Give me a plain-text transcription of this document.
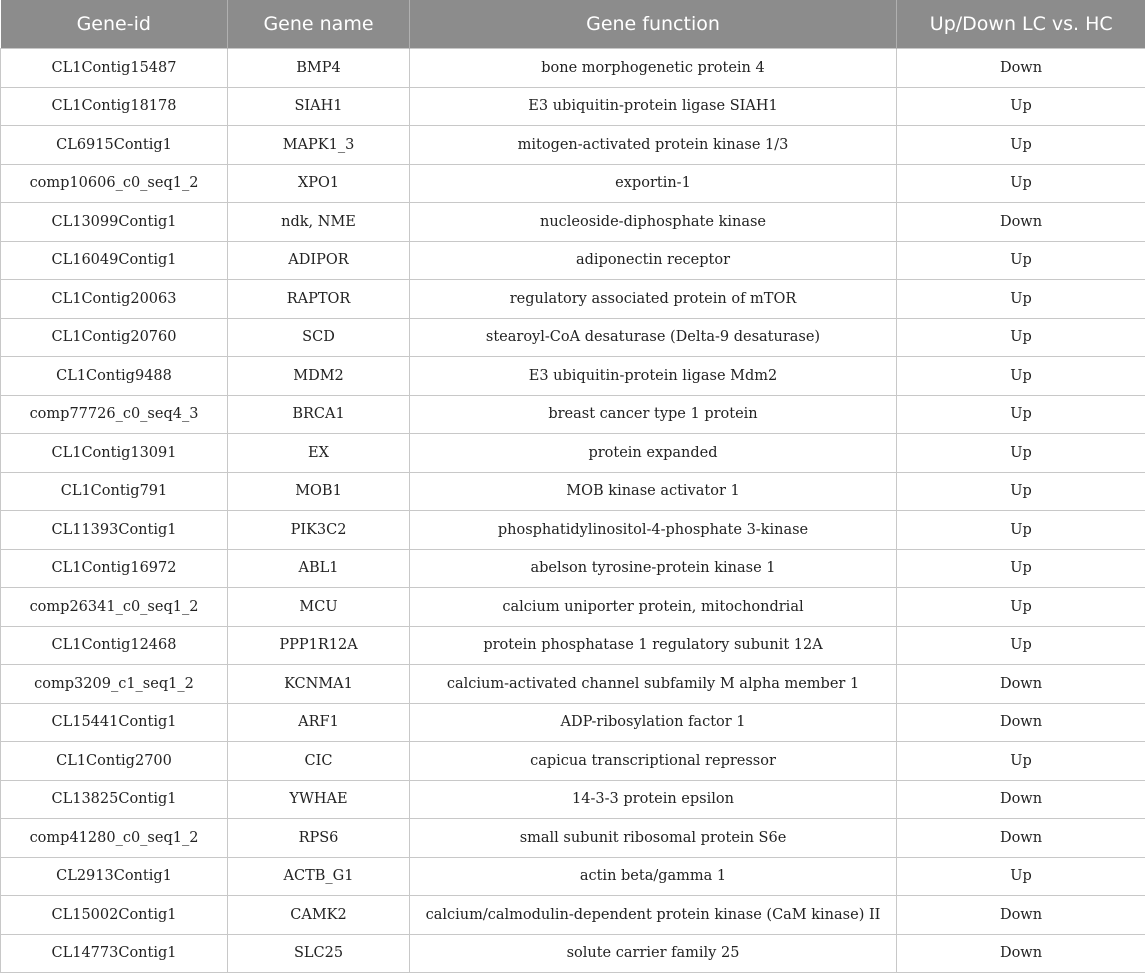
Gene-id	Gene name	Gene function	Up/Down LC vs. HC
CL1Contig15487	BMP4	bone morphogenetic protein 4	Down
CL1Contig18178	SIAH1	E3 ubiquitin-protein ligase SIAH1	Up
CL6915Contig1	MAPK1_3	mitogen-activated protein kinase 1/3	Up
comp10606_c0_seq1_2	XPO1	exportin-1	Up
CL13099Contig1	ndk, NME	nucleoside-diphosphate kinase	Down
CL16049Contig1	ADIPOR	adiponectin receptor	Up
CL1Contig20063	RAPTOR	regulatory associated protein of mTOR	Up
CL1Contig20760	SCD	stearoyl-CoA desaturase (Delta-9 desaturase)	Up
CL1Contig9488	MDM2	E3 ubiquitin-protein ligase Mdm2	Up
comp77726_c0_seq4_3	BRCA1	breast cancer type 1 protein	Up
CL1Contig13091	EX	protein expanded	Up
CL1Contig791	MOB1	MOB kinase activator 1	Up
CL11393Contig1	PIK3C2	phosphatidylinositol-4-phosphate 3-kinase	Up
CL1Contig16972	ABL1	abelson tyrosine-protein kinase 1	Up
comp26341_c0_seq1_2	MCU	calcium uniporter protein, mitochondrial	Up
CL1Contig12468	PPP1R12A	protein phosphatase 1 regulatory subunit 12A	Up
comp3209_c1_seq1_2	KCNMA1	calcium-activated channel subfamily M alpha member 1	Down
CL15441Contig1	ARF1	ADP-ribosylation factor 1	Down
CL1Contig2700	CIC	capicua transcriptional repressor	Up
CL13825Contig1	YWHAE	14-3-3 protein epsilon	Down
comp41280_c0_seq1_2	RPS6	small subunit ribosomal protein S6e	Down
CL2913Contig1	ACTB_G1	actin beta/gamma 1	Up
CL15002Contig1	CAMK2	calcium/calmodulin-dependent protein kinase (CaM kinase) II	Down
CL14773Contig1	SLC25	solute carrier family 25	Down
